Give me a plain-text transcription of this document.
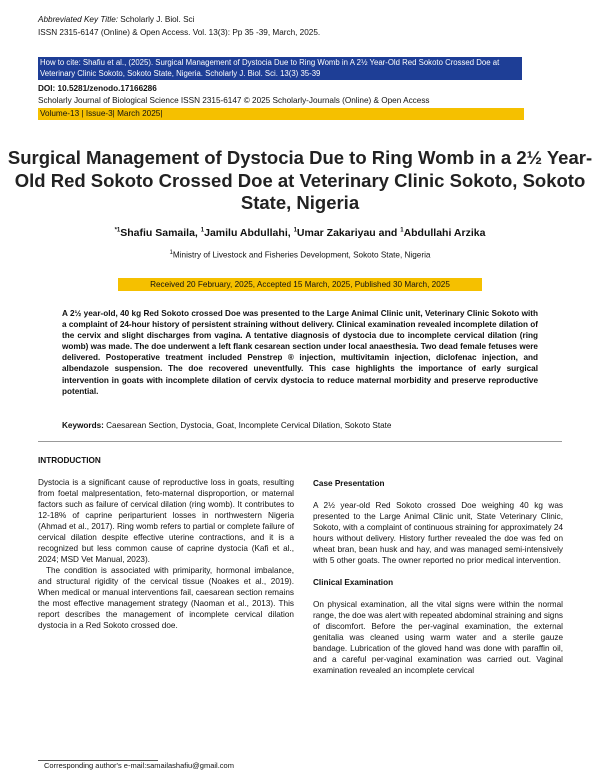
Abbreviated Key Title: Scholarly J. Biol. Sci
ISSN 2315-6147 (Online) & Open Access. Vol. 13(3): Pp 35 -39, March, 2025.
How to cite: Shafiu et al., (2025). Surgical Management of Dystocia Due to Ring Womb in A 2½ Year-Old Red Sokoto Crossed Doe at Veterinary Clinic Sokoto, Sokoto State, Nigeria. Scholarly J. Biol. Sci. 13(3) 35-39
DOI: 10.5281/zenodo.17166286
Scholarly Journal of Biological Science ISSN 2315-6147 © 2025 Scholarly-Journals (Online) & Open Access
Volume-13 | Issue-3| March 2025|
Surgical Management of Dystocia Due to Ring Womb in a 2½ Year-Old Red Sokoto Crossed Doe at Veterinary Clinic Sokoto, Sokoto State, Nigeria
$^{*1}$Shafiu Samaila, $^1$Jamilu Abdullahi, $^1$Umar Zakariyau and $^1$Abdullahi Arzika
$^1$Ministry of Livestock and Fisheries Development, Sokoto State, Nigeria
Received 20 February, 2025, Accepted 15 March, 2025, Published 30 March, 2025
A 2½ year-old, 40 kg Red Sokoto crossed Doe was presented to the Large Animal Clinic unit, Veterinary Clinic Sokoto with a complaint of 24-hour history of persistent straining without delivery. Clinical examination revealed incomplete dilation of the cervix and slight discharges from vagina. A tentative diagnosis of dystocia due to incomplete cervical dilation (ring womb) was made. The doe underwent a left flank cesarean section under local anaesthesia. Two dead female fetuses were delivered. Postoperative treatment included Penstrep ® injection, multivitamin injection, diclofenac injection, and albendazole suspension. The doe recovered uneventfully. This case highlights the importance of early surgical intervention in goats with incomplete dilation of cervix dystocia to reduce maternal morbidity and preserve reproductive potential.
Keywords: Caesarean Section, Dystocia, Goat, Incomplete Cervical Dilation, Sokoto State
INTRODUCTION

Dystocia is a significant cause of reproductive loss in goats, resulting from foetal malpresentation, feto-maternal disproportion, or maternal factors such as failure of cervical dilation (ring womb). It contributes to 12-18% of caprine periparturient losses in northwestern Nigeria (Ahmad et al., 2017). Ring womb refers to partial or complete failure of cervical dilation despite effective uterine contractions, and it is a recognized but less common cause of caprine dystocia (Kafi et al., 2024; MSD Vet Manual, 2023).

The condition is associated with primiparity, hormonal imbalance, and structural rigidity of the cervical tissue (Noakes et al., 2019). When medical or manual interventions fail, caesarean section remains the most effective management strategy (Naoman et al., 2013). This report describes the management of incomplete cervical dilation dystocia in a Red Sokoto crossed doe.

Case Presentation

A 2½ year-old Red Sokoto crossed Doe weighing 40 kg was presented to the Large Animal Clinic unit, State Veterinary Clinic, Sokoto, with a complaint of continuous straining for approximately 24 hours without delivery. History further revealed the doe was fed on wheat bran, bean husk and hay, and was managed semi-intensively with 5 other goats. The owner reported no prior medical intervention.

Clinical Examination

On physical examination, all the vital signs were within the normal range, the doe was alert with repeated abdominal straining and signs of discomfort. Before the per-vaginal examination, the external genitalia was cleaned using warm water and a sterile gauze bandage. Lubrication of the gloved hand was done with paraffin oil, and a careful per-vaginal examination was carried out. Vaginal examination revealed an incomplete cervical

Corresponding author's e-mail:samailashafiu@gmail.com
